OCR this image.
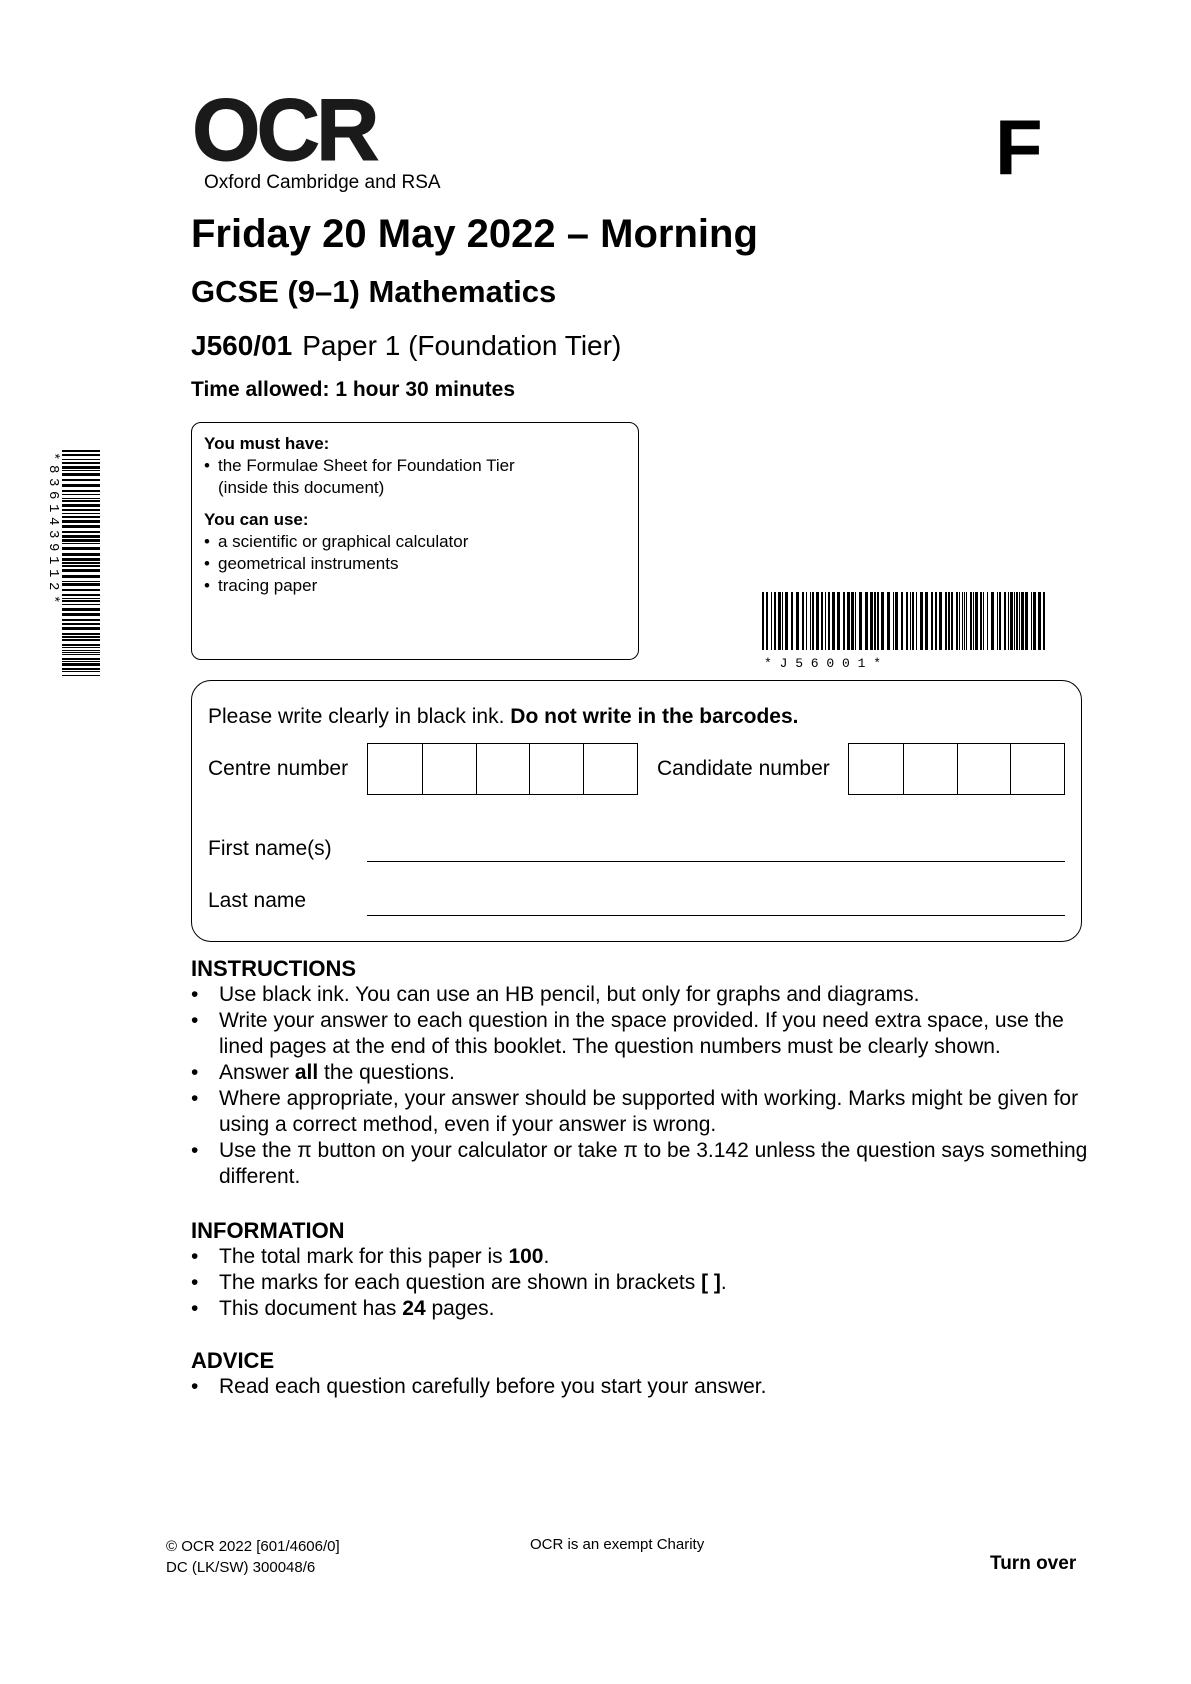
OCR
Oxford Cambridge and RSA	F
Friday 20 May 2022 – Morning
GCSE (9–1) Mathematics
J560/01 Paper 1 (Foundation Tier)
Time allowed: 1 hour 30 minutes
You must have:
• the Formulae Sheet for Foundation Tier
(inside this document)
You can use:
• a scientific or graphical calculator
• geometrical instruments
• tracing paper
*8361439112*
* J 5 6 0 0 1 *
Please write clearly in black ink. Do not write in the barcodes.
Centre number	Candidate number
First name(s)
Last name
INSTRUCTIONS
• Use black ink. You can use an HB pencil, but only for graphs and diagrams.
• Write your answer to each question in the space provided. If you need extra space, use the lined pages at the end of this booklet. The question numbers must be clearly shown.
• Answer all the questions.
• Where appropriate, your answer should be supported with working. Marks might be given for using a correct method, even if your answer is wrong.
• Use the π button on your calculator or take π to be 3.142 unless the question says something different.
INFORMATION
• The total mark for this paper is 100.
• The marks for each question are shown in brackets [ ].
• This document has 24 pages.
ADVICE
• Read each question carefully before you start your answer.
© OCR 2022 [601/4606/0]
DC (LK/SW) 300048/6
OCR is an exempt Charity
Turn over
